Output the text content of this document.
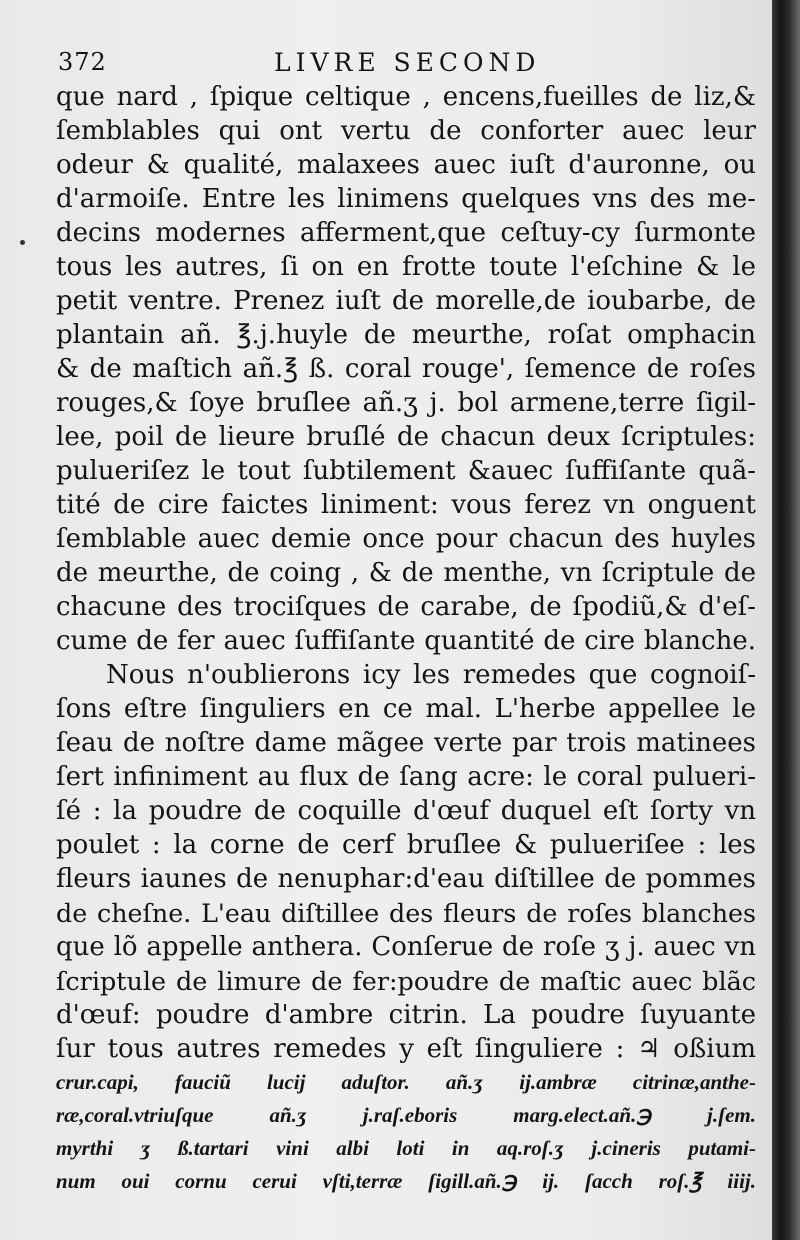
372	LIVRE SECOND
que nard , ſpique celtique , encens,fueilles de liz,&
ſemblables qui ont vertu de conforter auec leur
odeur & qualité, malaxees auec iuſt d'auronne, ou
d'armoiſe. Entre les linimens quelques vns des me-
decins modernes afferment,que ceſtuy-cy ſurmonte
tous les autres, ſi on en frotte toute l'eſchine & le
petit ventre. Prenez iuſt de morelle,de ioubarbe, de
plantain añ. ℥.j.huyle de meurthe, roſat omphacin
& de maſtich añ.℥ ß. coral rouge', ſemence de roſes
rouges,& ſoye bruſlee añ.ʒ j. bol armene,terre ſigil-
lee, poil de lieure bruſlé de chacun deux ſcriptules:
pulueriſez le tout ſubtilement &auec ſuffiſante quã-
tité de cire faictes liniment: vous ferez vn onguent
ſemblable auec demie once pour chacun des huyles
de meurthe, de coing , & de menthe, vn ſcriptule de
chacune des trociſques de carabe, de ſpodiũ,& d'eſ-
cume de fer auec ſuffiſante quantité de cire blanche.
Nous n'oublierons icy les remedes que cognoiſ-
ſons eſtre ſinguliers en ce mal. L'herbe appellee le
ſeau de noſtre dame mãgee verte par trois matinees
ſert infiniment au flux de ſang acre: le coral pulueri-
ſé : la poudre de coquille d'œuf duquel eſt ſorty vn
poulet : la corne de cerf bruſlee & pulueriſee : les
fleurs iaunes de nenuphar:d'eau diſtillee de pommes
de cheſne. L'eau diſtillee des fleurs de roſes blanches
que lõ appelle anthera. Conſerue de roſe ʒ j. auec vn
ſcriptule de limure de fer:poudre de maſtic auec blãc
d'œuf: poudre d'ambre citrin. La poudre ſuyuante
ſur tous autres remedes y eſt ſinguliere : ♃ oßium
crur.capi, fauciũ lucij aduſtor. añ.ʒ ij.ambræ citrinæ,anthe-
ræ,coral.vtriuſque añ.ʒ j.raſ.eboris marg.elect.añ.℈ j.ſem.
myrthi ʒ ß.tartari vini albi loti in aq.roſ.ʒ j.cineris putami-
num oui cornu cerui vſti,terræ ſigill.añ.℈ ij. ſacch roſ.℥ iiij.
